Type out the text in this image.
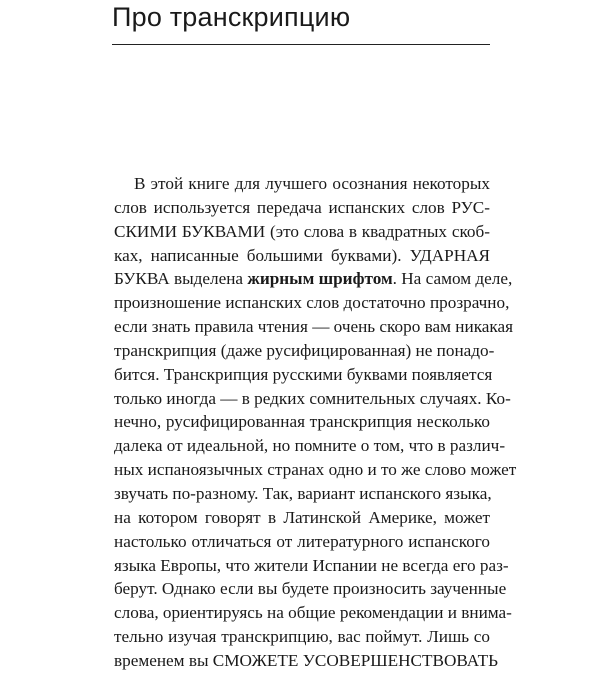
Про транскрипцию
В этой книге для лучшего осознания некоторых
слов используется передача испанских слов РУС-
СКИМИ БУКВАМИ (это слова в квадратных скоб-
ках, написанные большими буквами). УДАРНАЯ
БУКВА выделена жирным шрифтом. На самом деле,
произношение испанских слов достаточно прозрачно,
если знать правила чтения — очень скоро вам никакая
транскрипция (даже русифицированная) не понадо-
бится. Транскрипция русскими буквами появляется
только иногда — в редких сомнительных случаях. Ко-
нечно, русифицированная транскрипция несколько
далека от идеальной, но помните о том, что в различ-
ных испаноязычных странах одно и то же слово может
звучать по-разному. Так, вариант испанского языка,
на котором говорят в Латинской Америке, может
настолько отличаться от литературного испанского
языка Европы, что жители Испании не всегда его раз-
берут. Однако если вы будете произносить заученные
слова, ориентируясь на общие рекомендации и внима-
тельно изучая транскрипцию, вас поймут. Лишь со
временем вы СМОЖЕТЕ УСОВЕРШЕНСТВОВАТЬ
